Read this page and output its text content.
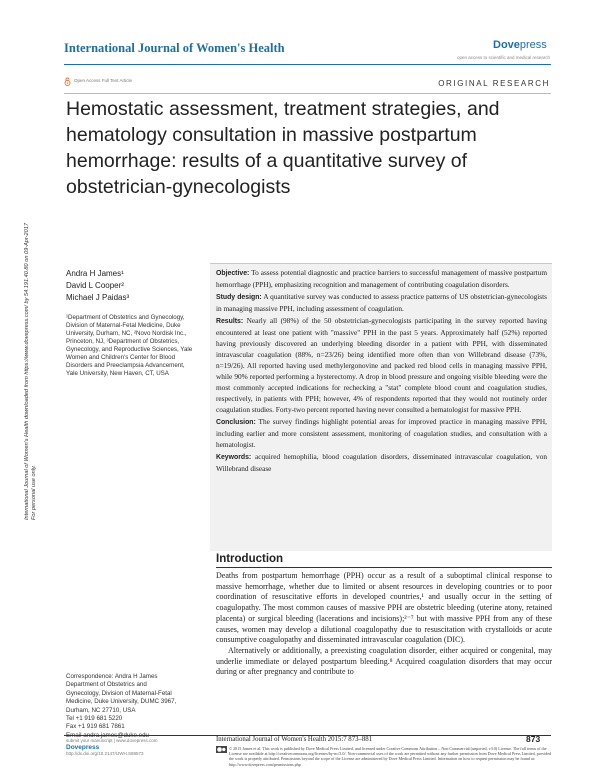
International Journal of Women's Health	Dovepress
open access to scientific and medical research
Open Access Full Text Article	ORIGINAL RESEARCH
Hemostatic assessment, treatment strategies, and hematology consultation in massive postpartum hemorrhage: results of a quantitative survey of obstetrician-gynecologists
International Journal of Women's Health downloaded from https://www.dovepress.com/ by 54.191.40.80 on 09-Apr-2017 For personal use only.
Andra H James¹
David L Cooper²
Michael J Paidas³
¹Department of Obstetrics and Gynecology, Division of Maternal-Fetal Medicine, Duke University, Durham, NC, ²Novo Nordisk Inc., Princeton, NJ, ³Department of Obstetrics, Gynecology, and Reproductive Sciences, Yale Women and Children's Center for Blood Disorders and Preeclampsia Advancement, Yale University, New Haven, CT, USA

Objective: To assess potential diagnostic and practice barriers to successful management of massive postpartum hemorrhage (PPH), emphasizing recognition and management of contributing coagulation disorders.

Study design: A quantitative survey was conducted to assess practice patterns of US obstetrician-gynecologists in managing massive PPH, including assessment of coagulation.

Results: Nearly all (98%) of the 50 obstetrician-gynecologists participating in the survey reported having encountered at least one patient with "massive" PPH in the past 5 years. Approximately half (52%) reported having previously discovered an underlying bleeding disorder in a patient with PPH, with disseminated intravascular coagulation (88%, n=23/26) being identified more often than von Willebrand disease (73%, n=19/26). All reported having used methylergonovine and packed red blood cells in managing massive PPH, while 90% reported performing a hysterectomy. A drop in blood pressure and ongoing visible bleeding were the most commonly accepted indications for rechecking a "stat" complete blood count and coagulation studies, respectively, in patients with PPH; however, 4% of respondents reported that they would not routinely order coagulation studies. Forty-two percent reported having never consulted a hematologist for massive PPH.

Conclusion: The survey findings highlight potential areas for improved practice in managing massive PPH, including earlier and more consistent assessment, monitoring of coagulation studies, and consultation with a hematologist.

Keywords: acquired hemophilia, blood coagulation disorders, disseminated intravascular coagulation, von Willebrand disease

Introduction

Deaths from postpartum hemorrhage (PPH) occur as a result of a suboptimal clinical response to massive hemorrhage, whether due to limited or absent resources in developing countries or to poor coordination of resuscitative efforts in developed countries,¹ and usually occur in the setting of coagulopathy. The most common causes of massive PPH are obstetric bleeding (uterine atony, retained placenta) or surgical bleeding (lacerations and incisions);²⁻⁷ but with massive PPH from any of these causes, women may develop a dilutional coagulopathy due to resuscitation with crystalloids or acute consumptive coagulopathy and disseminated intravascular coagulation (DIC).

Alternatively or additionally, a preexisting coagulation disorder, either acquired or congenital, may underlie immediate or delayed postpartum bleeding.⁸ Acquired coagulation disorders that may occur during or after pregnancy and contribute to

Correspondence: Andra H James
Department of Obstetrics and
Gynecology, Division of Maternal-Fetal
Medicine, Duke University, DUMC 3967,
Durham, NC 27710, USA
Tel +1 919 681 5220
Fax +1 919 681 7861
submit your manuscript | www.dovepress.com
Dovepress
http://dx.doi.org/10.2147/IJWH.S89573
International Journal of Women's Health 2015:7 873–881	873
© 2015 James et al. This work is published by Dove Medical Press Limited, and licensed under Creative Commons Attribution – Non Commercial (unported, v3.0) License. The full terms of the License are available at http://creativecommons.org/licenses/by-nc/3.0/. Non-commercial uses of the work are permitted without any further permission from Dove Medical Press Limited, provided the work is properly attributed. Permissions beyond the scope of the License are administered by Dove Medical Press Limited. Information on how to request permission may be found at: http://www.dovepress.com/permissions.php
